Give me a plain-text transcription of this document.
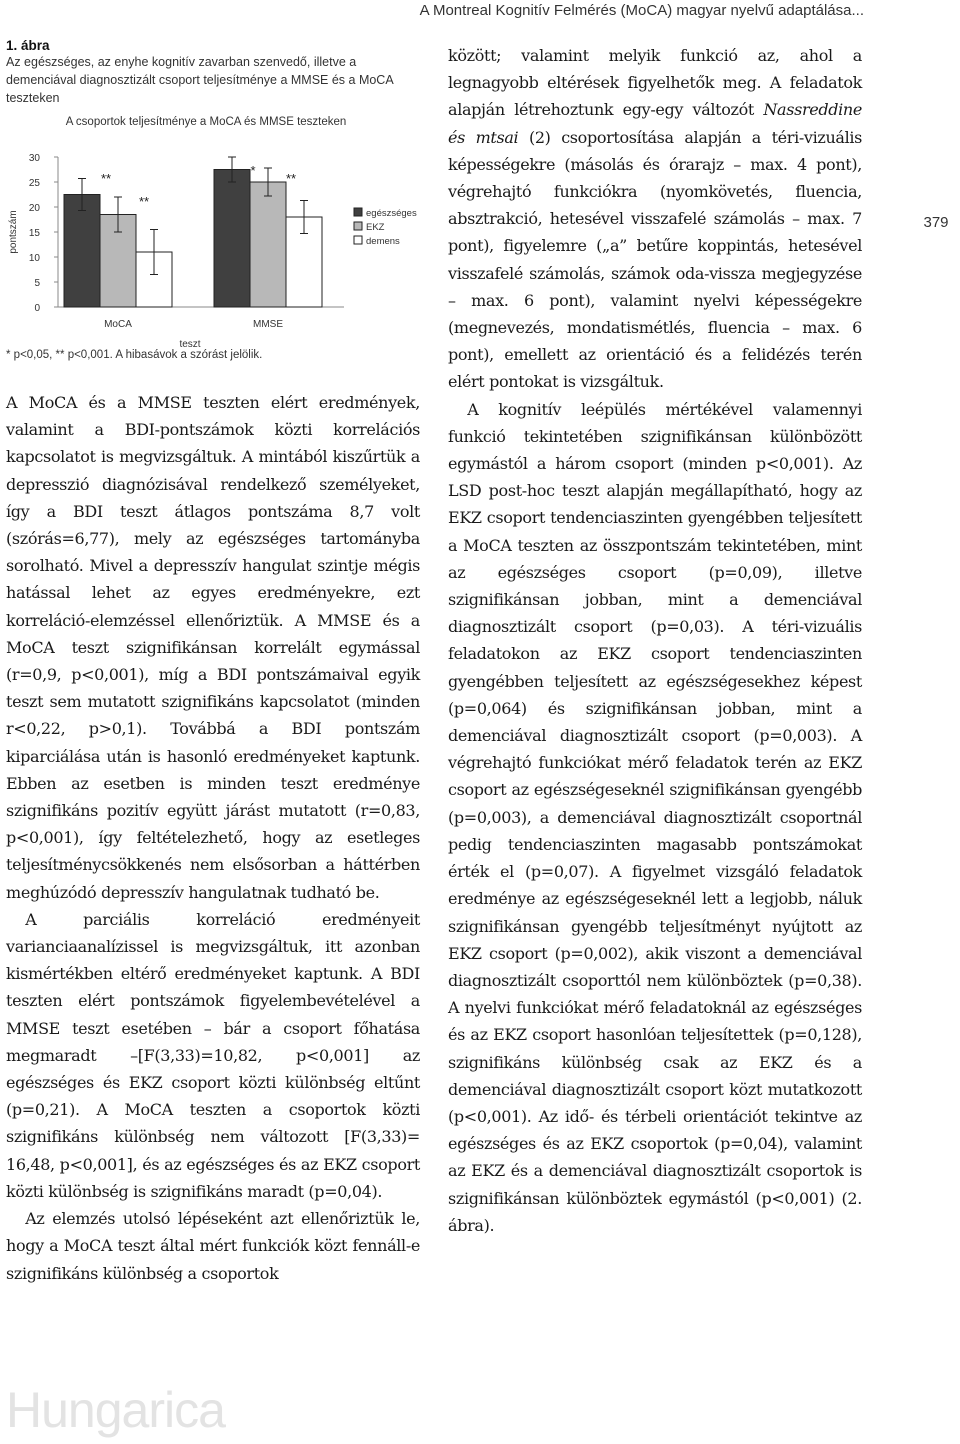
A Montreal Kognitív Felmérés (MoCA) magyar nyelvű adaptálása...
379

1. ábra

Az egészséges, az enyhe kognitív zavarban szenvedő, illetve a demenciával diagnosztizált csoport teljesítménye a MMSE és a MoCA teszteken

A csoportok teljesítménye a MoCA és MMSE teszteken
0
5
10
15
20
25
30
pontszám
MoCA	MMSE
**
**
*
**
teszt
egészséges
EKZ
demens

* p<0,05, ** p<0,001. A hibasávok a szórást jelölik.

A MoCA és a MMSE teszten elért eredmények, valamint a BDI-pontszámok közti korrelációs kapcsolatot is megvizsgáltuk. A mintából kiszűrtük a depresszió diagnózisával rendelkező személyeket, így a BDI teszt átlagos pontszáma 8,7 volt (szórás=6,77), mely az egészséges tartományba sorolható. Mivel a depresszív hangulat szintje mégis hatással lehet az egyes eredményekre, ezt korreláció-elemzéssel ellenőriztük. A MMSE és a MoCA teszt szignifikánsan korrelált egymással (r=0,9, p<0,001), míg a BDI pontszámaival egyik teszt sem mutatott szignifikáns kapcsolatot (minden r<0,22, p>0,1). Továbbá a BDI pontszám kiparciálása után is hasonló eredményeket kaptunk. Ebben az esetben is minden teszt eredménye szignifikáns pozitív együtt járást mutatott (r=0,83, p<0,001), így feltételezhető, hogy az esetleges teljesítménycsökkenés nem elsősorban a háttérben meghúzódó depresszív hangulatnak tudható be.

A parciális korreláció eredményeit varianciaanalízissel is megvizsgáltuk, itt azonban kismértékben eltérő eredményeket kaptunk. A BDI teszten elért pontszámok figyelembevételével a MMSE teszt esetében – bár a csoport főhatása megmaradt –[F(3,33)=10,82, p<0,001] az egészséges és EKZ csoport közti különbség eltűnt (p=0,21). A MoCA teszten a csoportok közti szignifikáns különbség nem változott [F(3,33)= 16,48, p<0,001], és az egészséges és az EKZ csoport közti különbség is szignifikáns maradt (p=0,04).

Az elemzés utolsó lépéseként azt ellenőriztük le, hogy a MoCA teszt által mért funkciók közt fennáll-e szignifikáns különbség a csoportok

között; valamint melyik funkció az, ahol a legnagyobb eltérések figyelhetők meg. A feladatok alapján létrehoztunk egy-egy változót Nassreddine és mtsai (2) csoportosítása alapján a téri-vizuális képességekre (másolás és órarajz – max. 4 pont), végrehajtó funkciókra (nyomkövetés, fluencia, absztrakció, hetesével visszafelé számolás – max. 7 pont), figyelemre („a” betűre koppintás, hetesével visszafelé számolás, számok oda-vissza megjegyzése – max. 6 pont), valamint nyelvi képességekre (megnevezés, mondatismétlés, fluencia – max. 6 pont), emellett az orientáció és a felidézés terén elért pontokat is vizsgáltuk.

A kognitív leépülés mértékével valamennyi funkció tekintetében szignifikánsan különbözött egymástól a három csoport (minden p<0,001). Az LSD post-hoc teszt alapján megállapítható, hogy az EKZ csoport tendenciaszinten gyengébben teljesített a MoCA teszten az összpontszám tekintetében, mint az egészséges csoport (p=0,09), illetve szignifikánsan jobban, mint a demenciával diagnosztizált csoport (p=0,03). A téri-vizuális feladatokon az EKZ csoport tendenciaszinten gyengébben teljesített az egészségesekhez képest (p=0,064) és szignifikánsan jobban, mint a demenciával diagnosztizált csoport (p=0,003). A végrehajtó funkciókat mérő feladatok terén az EKZ csoport az egészségeseknél szignifikánsan gyengébb (p=0,003), a demenciával diagnosztizált csoportnál pedig tendenciaszinten magasabb pontszámokat érték el (p=0,07). A figyelmet vizsgáló feladatok eredménye az egészségeseknél lett a legjobb, náluk szignifikánsan gyengébb teljesítményt nyújtott az EKZ csoport (p=0,002), akik viszont a demenciával diagnosztizált csoporttól nem különböztek (p=0,38). A nyelvi funkciókat mérő feladatoknál az egészséges és az EKZ csoport hasonlóan teljesítettek (p=0,128), szignifikáns különbség csak az EKZ és a demenciával diagnosztizált csoport közt mutatkozott (p<0,001). Az idő- és térbeli orientációt tekintve az egészséges és az EKZ csoportok (p=0,04), valamint az EKZ és a demenciával diagnosztizált csoportok is szignifikánsan különböztek egymástól (p<0,001) (2. ábra).

Hungarica
